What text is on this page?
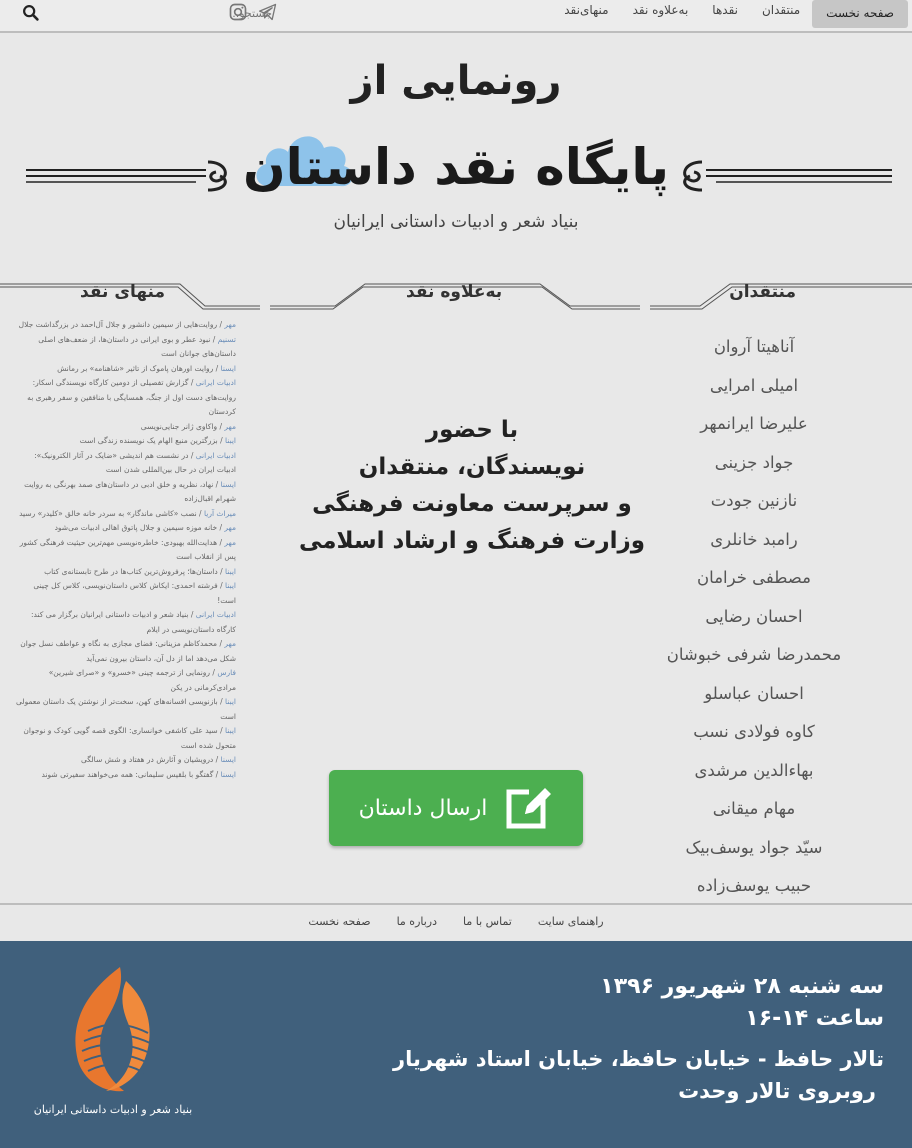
صفحه نخست
منتقدان
نقدها
به‌علاوه نقد
منهای‌نقد
جستجو...
رونمایی از
پایگاه نقد داستان
بنیاد شعر و ادبیات داستانی ایرانیان
منتقدان
به‌علاوه نقد
منهای نقد
آناهیتا آروان
امیلی امرایی
علیرضا ایرانمهر
جواد جزینی
نازنین جودت
رامبد خانلری
مصطفی خرامان
احسان رضایی
محمدرضا شرفی خبوشان
احسان عباسلو
کاوه فولادی نسب
بهاءالدین مرشدی
مهام میقانی
سیّد جواد یوسف‌بیک
حبیب یوسف‌زاده
مهر / روایت‌هایی از سیمین دانشور و جلال آل‌احمد در بزرگداشت جلال
تسنیم / نبود عطر و بوی ایرانی در داستان‌ها، از ضعف‌های اصلی داستان‌های جوانان است
ایسنا / روایت اورهان پاموک از تاثیر «شاهنامه» بر رمانش
ادبیات ایرانی / گزارش تفصیلی از دومین کارگاه نویسندگی اسکار: روایت‌های دست اول از جنگ، همسایگی با منافقین و سفر رهبری به کردستان
مهر / واکاوی ژانر جنایی‌نویسی
ایبنا / بزرگترین منبع الهام یک نویسنده زندگی است
ادبیات ایرانی / در نشست هم اندیشی «ضایک در آثار الکترونیک»: ادبیات ایران در حال بین‌المللی شدن است
ایسنا / نهاد، نظریه و خلق ادبی در داستان‌های صمد بهرنگی به روایت شهرام اقبال‌زاده
میراث آریا / نصب «کاشی ماندگار» به سردر خانه خالق «کلیدر» رسید
مهر / خانه موزه سیمین و جلال پاتوق اهالی ادبیات می‌شود
مهر / هدایت‌الله بهبودی: خاطره‌نویسی مهم‌ترین حیثیت فرهنگی کشور پس از انقلاب است
ایبنا / داستان‌ها؛ پرفروش‌ترین کتاب‌ها در طرح تابستانه‌ی کتاب
ایبنا / فرشته احمدی: ایکاش کلاس داستان‌نویسی، کلاس کل چینی است!
ادبیات ایرانی / بنیاد شعر و ادبیات داستانی ایرانیان برگزار می کند: کارگاه داستان‌نویسی در ایلام
مهر / محمدکاظم مزینانی: فضای مجازی به نگاه و عواطف نسل جوان شکل می‌دهد اما از دل آن، داستان بیرون نمی‌آید
فارس / رونمایی از ترجمه چینی «خسرو» و «صرای شیرین» مرادی‌کرمانی در یکن
ایبنا / بازنویسی افسانه‌های کهن، سخت‌تر از نوشتن یک داستان معمولی است
ایبنا / سید علی کاشفی خوانساری: الگوی قصه گویی کودک و نوجوان متحول شده است
ایسنا / درویشیان و آثارش در هفتاد و شش سالگی
ایسنا / گفتگو با بلقیس سلیمانی: همه می‌خواهند سفیرتی شوند
با حضور
نویسندگان، منتقدان
و سرپرست معاونت فرهنگی
وزارت فرهنگ و ارشاد اسلامی
ارسال داستان
صفحه نخست درباره ما تماس با ما راهنمای سایت
سه شنبه ۲۸ شهریور ۱۳۹۶
ساعت ۱۴-۱۶
تالار حافظ - خیابان حافظ، خیابان استاد شهریار
روبروی تالار وحدت
بنیاد شعر و ادبیات داستانی ایرانیان
